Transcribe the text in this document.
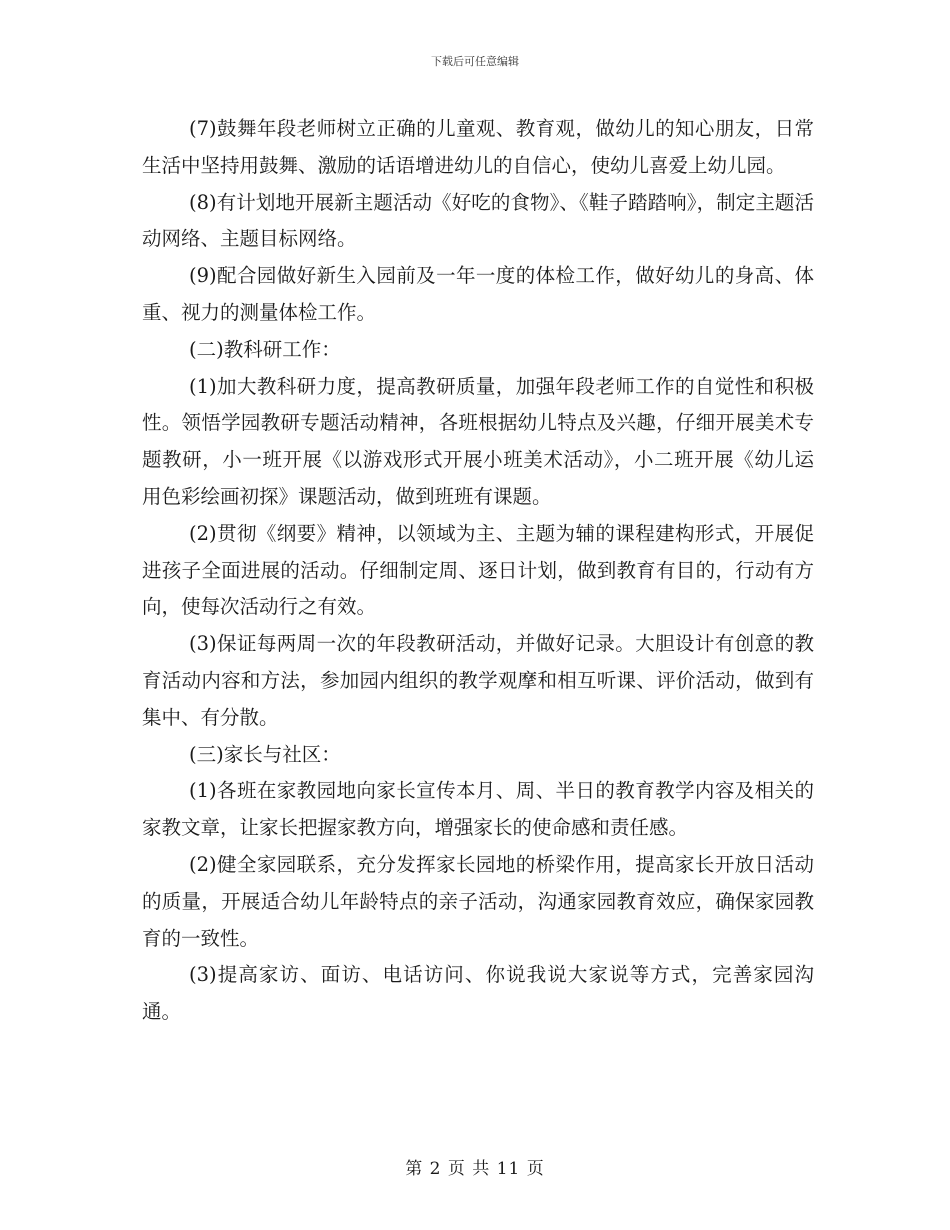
下载后可任意编辑

(7)鼓舞年段老师树立正确的儿童观、教育观，做幼儿的知心朋友，日常生活中坚持用鼓舞、激励的话语增进幼儿的自信心，使幼儿喜爱上幼儿园。

(8)有计划地开展新主题活动《好吃的食物》、《鞋子踏踏响》，制定主题活动网络、主题目标网络。

(9)配合园做好新生入园前及一年一度的体检工作，做好幼儿的身高、体重、视力的测量体检工作。

(二)教科研工作：

(1)加大教科研力度，提高教研质量，加强年段老师工作的自觉性和积极性。领悟学园教研专题活动精神，各班根据幼儿特点及兴趣，仔细开展美术专题教研，小一班开展《以游戏形式开展小班美术活动》，小二班开展《幼儿运用色彩绘画初探》课题活动，做到班班有课题。

(2)贯彻《纲要》精神，以领域为主、主题为辅的课程建构形式，开展促进孩子全面进展的活动。仔细制定周、逐日计划，做到教育有目的，行动有方向，使每次活动行之有效。

(3)保证每两周一次的年段教研活动，并做好记录。大胆设计有创意的教育活动内容和方法，参加园内组织的教学观摩和相互听课、评价活动，做到有集中、有分散。

(三)家长与社区：

(1)各班在家教园地向家长宣传本月、周、半日的教育教学内容及相关的家教文章，让家长把握家教方向，增强家长的使命感和责任感。

(2)健全家园联系，充分发挥家长园地的桥梁作用，提高家长开放日活动的质量，开展适合幼儿年龄特点的亲子活动，沟通家园教育效应，确保家园教育的一致性。

(3)提高家访、面访、电话访问、你说我说大家说等方式，完善家园沟通。

第 2 页 共 11 页
